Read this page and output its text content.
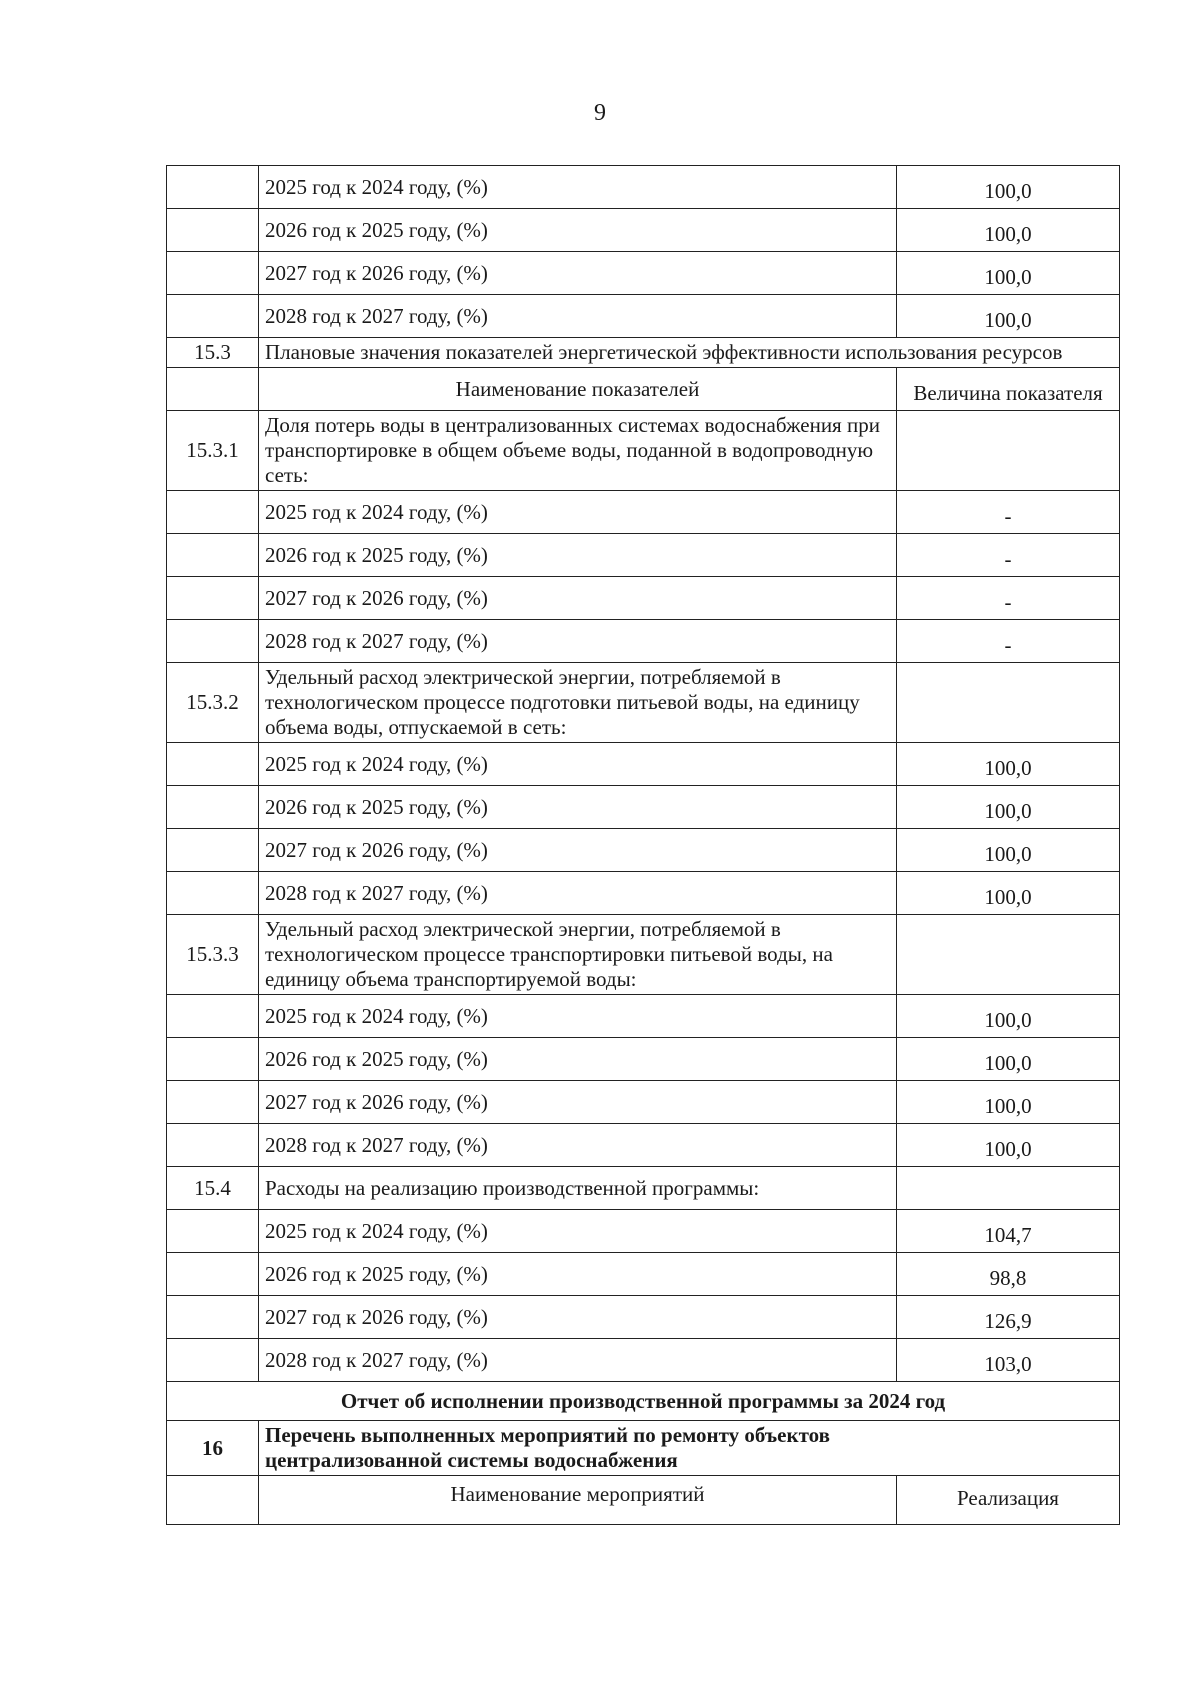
9
	2025 год к 2024 году, (%)	100,0
	2026 год к 2025 году, (%)	100,0
	2027 год к 2026 году, (%)	100,0
	2028 год к 2027 году, (%)	100,0
15.3	Плановые значения показателей энергетической эффективности использования ресурсов	
	Наименование показателей	Величина показателя
15.3.1	Доля потерь воды в централизованных системах водоснабжения при транспортировке в общем объеме воды, поданной в водопроводную сеть:	
	2025 год к 2024 году, (%)	-
	2026 год к 2025 году, (%)	-
	2027 год к 2026 году, (%)	-
	2028 год к 2027 году, (%)	-
15.3.2	Удельный расход электрической энергии, потребляемой в технологическом процессе подготовки питьевой воды, на единицу объема воды, отпускаемой в сеть:	
	2025 год к 2024 году, (%)	100,0
	2026 год к 2025 году, (%)	100,0
	2027 год к 2026 году, (%)	100,0
	2028 год к 2027 году, (%)	100,0
15.3.3	Удельный расход электрической энергии, потребляемой в технологическом процессе транспортировки питьевой воды, на единицу объема транспортируемой воды:	
	2025 год к 2024 году, (%)	100,0
	2026 год к 2025 году, (%)	100,0
	2027 год к 2026 году, (%)	100,0
	2028 год к 2027 году, (%)	100,0
15.4	Расходы на реализацию производственной программы:	
	2025 год к 2024 году, (%)	104,7
	2026 год к 2025 году, (%)	98,8
	2027 год к 2026 году, (%)	126,9
	2028 год к 2027 году, (%)	103,0
Отчет об исполнении производственной программы за 2024 год		
16	Перечень выполненных мероприятий по ремонту объектов централизованной системы водоснабжения	
	Наименование мероприятий	Реализация
